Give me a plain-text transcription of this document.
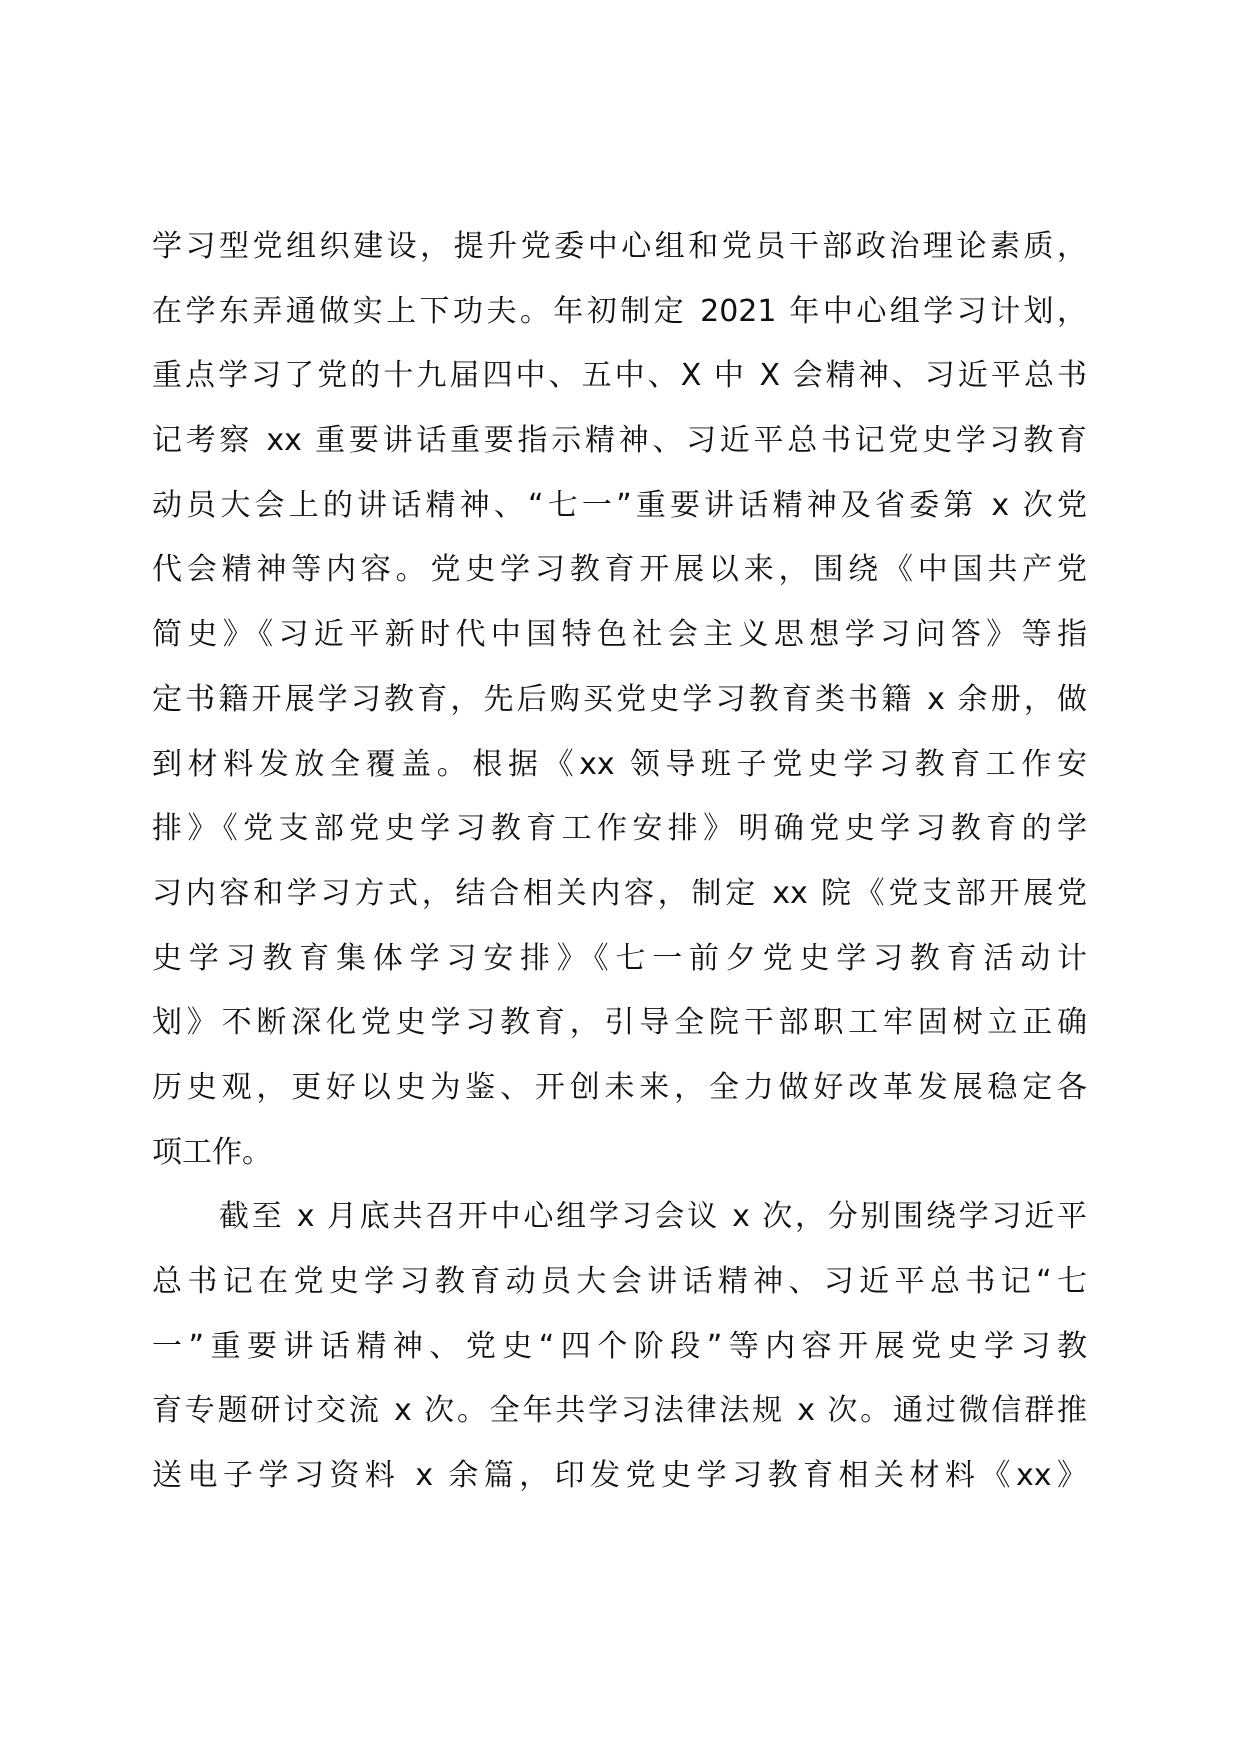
学习型党组织建设，提升党委中心组和党员干部政治理论素质，
在学东弄通做实上下功夫。年初制定 2021 年中心组学习计划，
重点学习了党的十九届四中、五中、X 中 X 会精神、习近平总书
记考察 xx 重要讲话重要指示精神、习近平总书记党史学习教育
动员大会上的讲话精神、“七一”重要讲话精神及省委第 x 次党
代会精神等内容。党史学习教育开展以来，围绕《中国共产党
简史》《习近平新时代中国特色社会主义思想学习问答》等指
定书籍开展学习教育，先后购买党史学习教育类书籍 x 余册，做
到材料发放全覆盖。根据《xx 领导班子党史学习教育工作安
排》《党支部党史学习教育工作安排》明确党史学习教育的学
习内容和学习方式，结合相关内容，制定 xx 院《党支部开展党
史学习教育集体学习安排》《七一前夕党史学习教育活动计
划》不断深化党史学习教育，引导全院干部职工牢固树立正确
历史观，更好以史为鉴、开创未来，全力做好改革发展稳定各
项工作。
截至 x 月底共召开中心组学习会议 x 次，分别围绕学习近平
总书记在党史学习教育动员大会讲话精神、习近平总书记“七
一”重要讲话精神、党史“四个阶段”等内容开展党史学习教
育专题研讨交流 x 次。全年共学习法律法规 x 次。通过微信群推
送电子学习资料 x 余篇，印发党史学习教育相关材料《xx》
